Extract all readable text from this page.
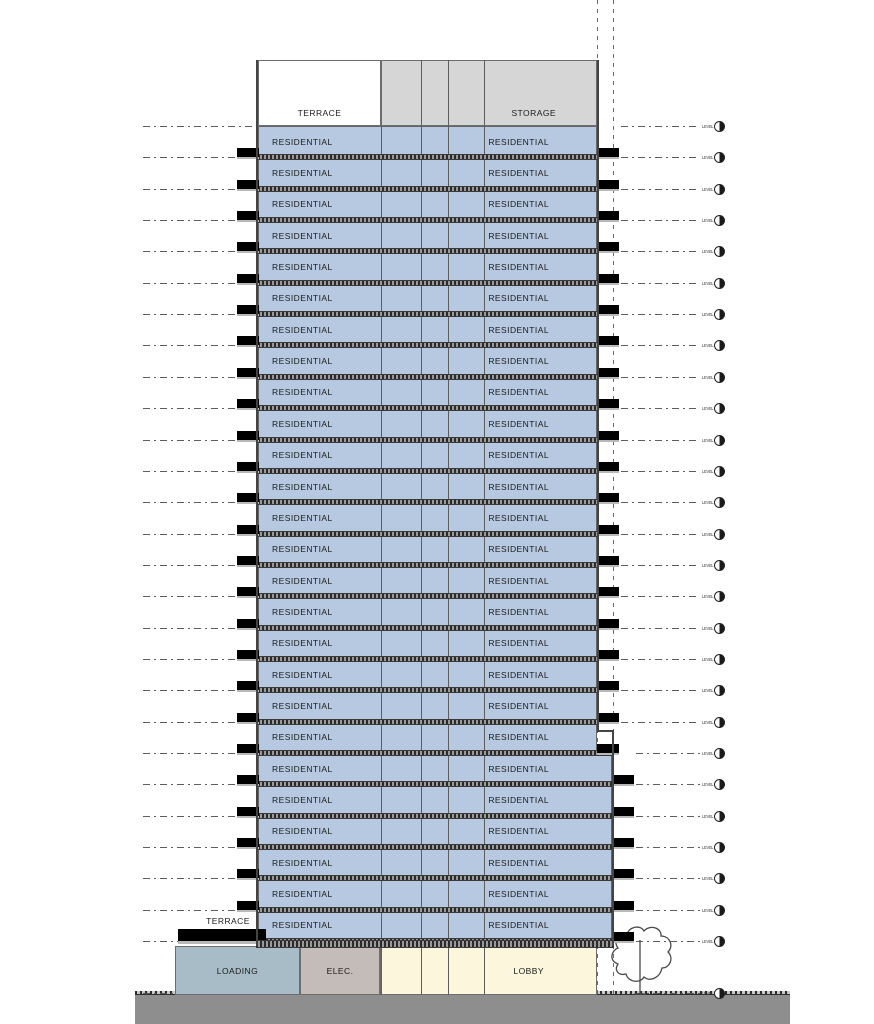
TERRACE	STORAGE
RESIDENTIAL	RESIDENTIAL
RESIDENTIAL	RESIDENTIAL
RESIDENTIAL	RESIDENTIAL
RESIDENTIAL	RESIDENTIAL
RESIDENTIAL	RESIDENTIAL
RESIDENTIAL	RESIDENTIAL
RESIDENTIAL	RESIDENTIAL
RESIDENTIAL	RESIDENTIAL
RESIDENTIAL	RESIDENTIAL
RESIDENTIAL	RESIDENTIAL
RESIDENTIAL	RESIDENTIAL
RESIDENTIAL	RESIDENTIAL
RESIDENTIAL	RESIDENTIAL
RESIDENTIAL	RESIDENTIAL
RESIDENTIAL	RESIDENTIAL
RESIDENTIAL	RESIDENTIAL
RESIDENTIAL	RESIDENTIAL
RESIDENTIAL	RESIDENTIAL
RESIDENTIAL	RESIDENTIAL
RESIDENTIAL	RESIDENTIAL
RESIDENTIAL	RESIDENTIAL
RESIDENTIAL	RESIDENTIAL
RESIDENTIAL	RESIDENTIAL
RESIDENTIAL	RESIDENTIAL
RESIDENTIAL	RESIDENTIAL
RESIDENTIAL	RESIDENTIAL
LEVEL
LEVEL
LEVEL
LEVEL
LEVEL
LEVEL
LEVEL
LEVEL
LEVEL
LEVEL
LEVEL
LEVEL
LEVEL
LEVEL
LEVEL
LEVEL
LEVEL
LEVEL
LEVEL
LEVEL
LEVEL
LEVEL
LEVEL
LEVEL
LEVEL
LEVEL
LEVEL
LEVEL
TERRACE
LOADING	ELEC.	LOBBY
